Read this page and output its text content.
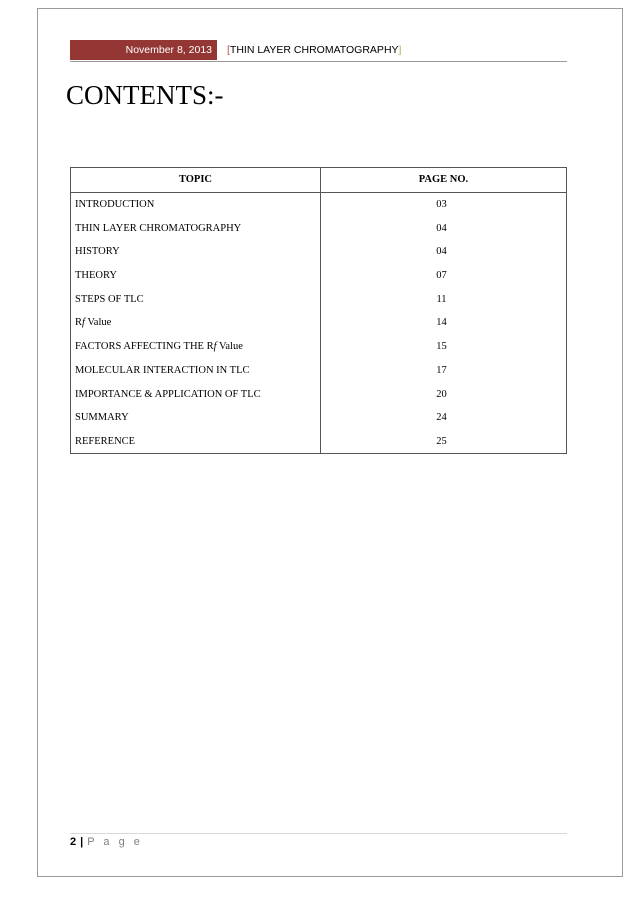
November 8, 2013 [ THIN LAYER CHROMATOGRAPHY ]
CONTENTS:-
TOPIC	PAGE NO.
INTRODUCTION	03
THIN LAYER CHROMATOGRAPHY	04
HISTORY	04
THEORY	07
STEPS OF TLC	11
Rf Value	14
FACTORS AFFECTING THE Rf Value	15
MOLECULAR INTERACTION IN TLC	17
IMPORTANCE & APPLICATION OF TLC	20
SUMMARY	24
REFERENCE	25
2 | P a g e
